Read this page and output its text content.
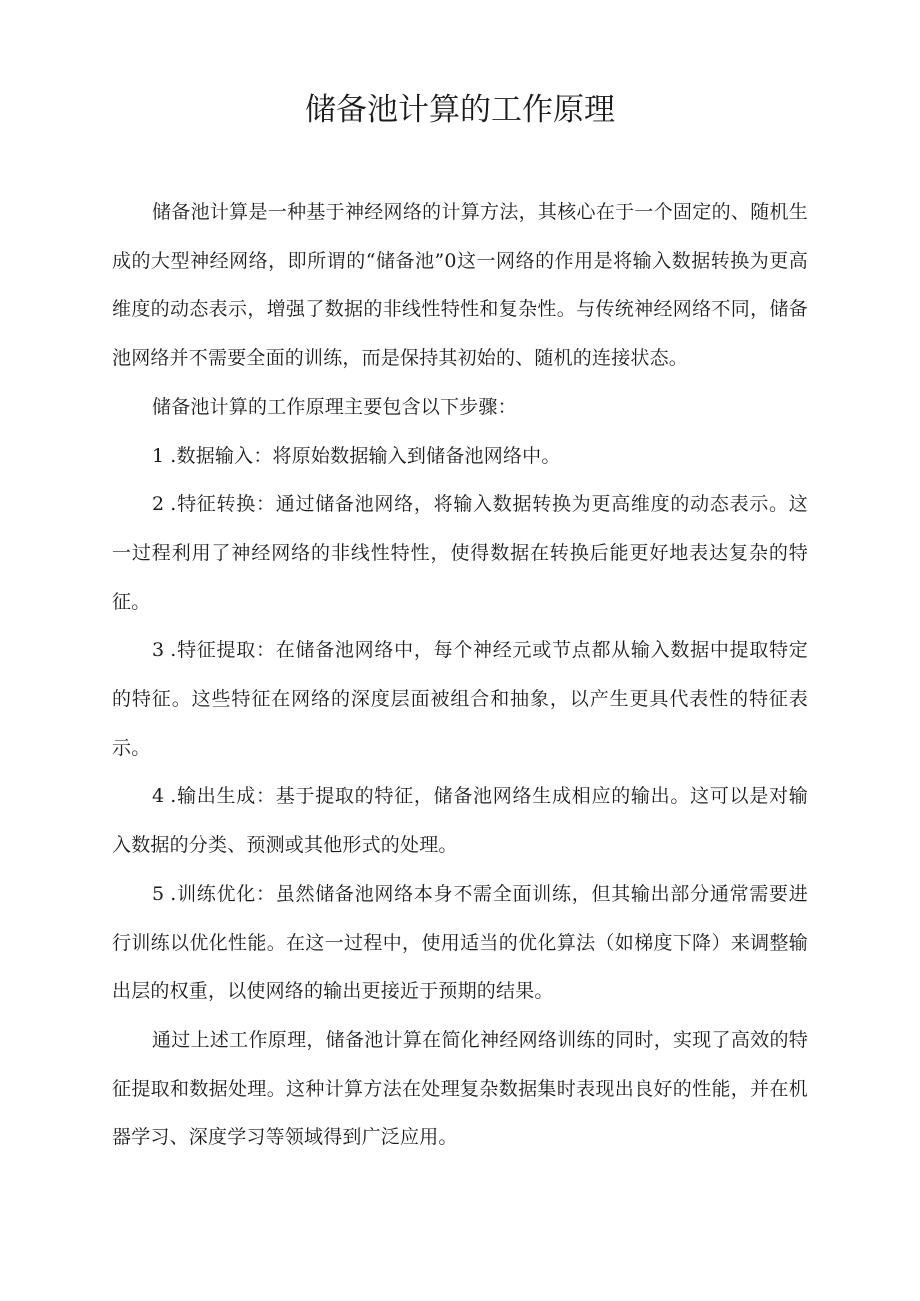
储备池计算的工作原理

储备池计算是一种基于神经网络的计算方法，其核心在于一个固定的、随机生成的大型神经网络，即所谓的“储备池”0这一网络的作用是将输入数据转换为更高维度的动态表示，增强了数据的非线性特性和复杂性。与传统神经网络不同，储备池网络并不需要全面的训练，而是保持其初始的、随机的连接状态。

储备池计算的工作原理主要包含以下步骤：

1 .数据输入：将原始数据输入到储备池网络中。

2 .特征转换：通过储备池网络，将输入数据转换为更高维度的动态表示。这一过程利用了神经网络的非线性特性，使得数据在转换后能更好地表达复杂的特征。

3 .特征提取：在储备池网络中，每个神经元或节点都从输入数据中提取特定的特征。这些特征在网络的深度层面被组合和抽象，以产生更具代表性的特征表示。

4 .输出生成：基于提取的特征，储备池网络生成相应的输出。这可以是对输入数据的分类、预测或其他形式的处理。

5 .训练优化：虽然储备池网络本身不需全面训练，但其输出部分通常需要进行训练以优化性能。在这一过程中，使用适当的优化算法（如梯度下降）来调整输出层的权重，以使网络的输出更接近于预期的结果。

通过上述工作原理，储备池计算在简化神经网络训练的同时，实现了高效的特征提取和数据处理。这种计算方法在处理复杂数据集时表现出良好的性能，并在机器学习、深度学习等领域得到广泛应用。
